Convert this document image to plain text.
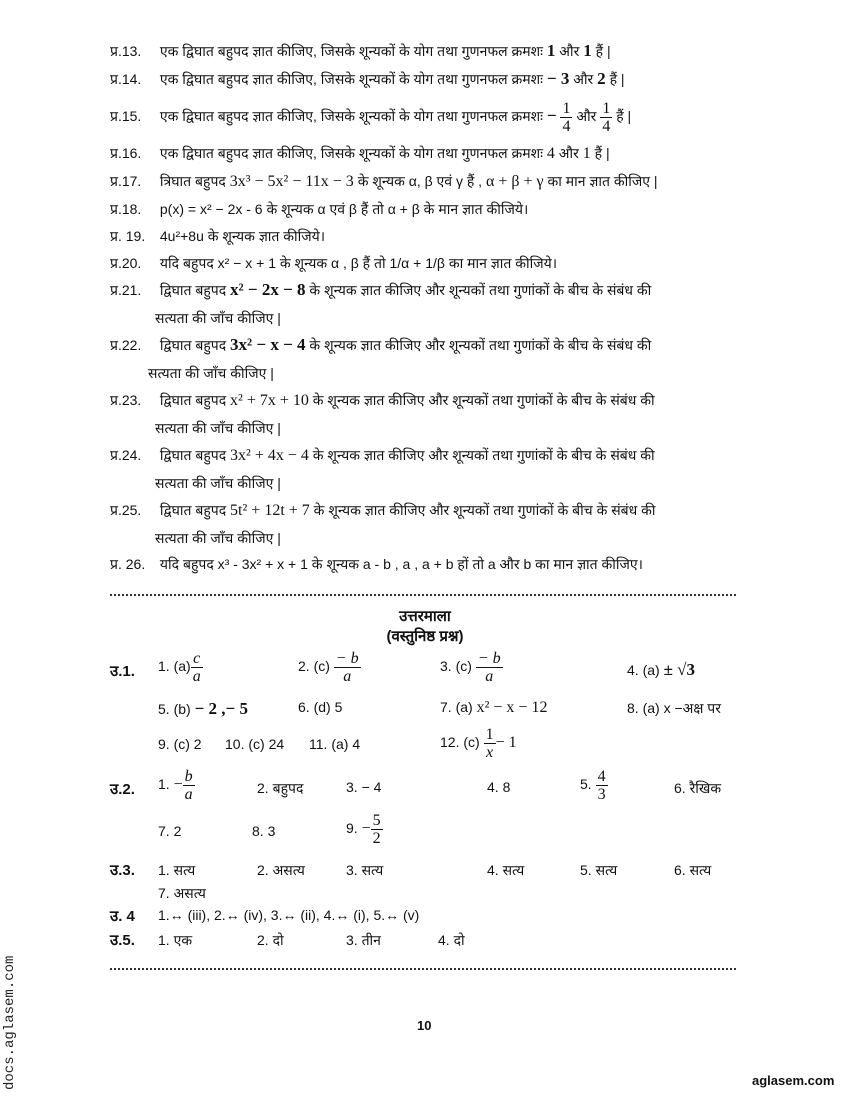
प्र.13. एक द्विघात बहुपद ज्ञात कीजिए, जिसके शून्यकों के योग तथा गुणनफल क्रमशः 1 और 1 हैं |
प्र.14. एक द्विघात बहुपद ज्ञात कीजिए, जिसके शून्यकों के योग तथा गुणनफल क्रमशः − 3 और 2 हैं |
प्र.15. एक द्विघात बहुपद ज्ञात कीजिए, जिसके शून्यकों के योग तथा गुणनफल क्रमशः − $\frac{1}{4}$ और $\frac{1}{4}$ हैं |
प्र.16. एक द्विघात बहुपद ज्ञात कीजिए, जिसके शून्यकों के योग तथा गुणनफल क्रमशः 4 और 1 हैं |
प्र.17. त्रिघात बहुपद 3x³ − 5x² − 11x − 3 के शून्यक α, β एवं γ हैं , α + β + γ का मान ज्ञात कीजिए |
प्र.18. p(x) = x² − 2x - 6 के शून्यक α एवं β हैं तो α + β के मान ज्ञात कीजिये।
प्र. 19. 4u²+8u के शून्यक ज्ञात कीजिये।
प्र.20. यदि बहुपद x² − x + 1 के शून्यक α , β हैं तो 1/α + 1/β का मान ज्ञात कीजिये।
प्र.21. द्विघात बहुपद x² − 2x − 8 के शून्यक ज्ञात कीजिए और शून्यकों तथा गुणांकों के बीच के संबंध की
सत्यता की जाँच कीजिए |
प्र.22. द्विघात बहुपद 3x² − x − 4 के शून्यक ज्ञात कीजिए और शून्यकों तथा गुणांकों के बीच के संबंध की
सत्यता की जाँच कीजिए |
प्र.23. द्विघात बहुपद x² + 7x + 10 के शून्यक ज्ञात कीजिए और शून्यकों तथा गुणांकों के बीच के संबंध की
सत्यता की जाँच कीजिए |
प्र.24. द्विघात बहुपद 3x² + 4x − 4 के शून्यक ज्ञात कीजिए और शून्यकों तथा गुणांकों के बीच के संबंध की
सत्यता की जाँच कीजिए |
प्र.25. द्विघात बहुपद 5t² + 12t + 7 के शून्यक ज्ञात कीजिए और शून्यकों तथा गुणांकों के बीच के संबंध की
सत्यता की जाँच कीजिए |
प्र. 26. यदि बहुपद x³ - 3x² + x + 1 के शून्यक a - b , a , a + b हों तो a और b का मान ज्ञात कीजिए।
उत्तरमाला
(वस्तुनिष्ठ प्रश्न)
उ.1. 1. $(a) \frac{c}{a}$	2. $(c) \frac{- b}{a}$	3. $(c) \frac{- b}{a}$	4. (a) ± √3
5. (b) − 2 ,− 5	6. (d) 5	7. (a) x² − x − 12	8. (a) x −अक्ष पर
9. (c) 2 10. (c) 24 11. (a) 4	12. $(c) \frac{1}{x} - 1$
उ.2. 1. − $\frac{b}{a}$	2. बहुपद	3. − 4	4. 8	5. $\frac{4}{3}$	6. रैखिक
7. 2	8. 3	9. − $\frac{5}{2}$
उ.3. 1. सत्य	2. असत्य	3. सत्य	4. सत्य	5. सत्य	6. सत्य
7. असत्य
उ. 4 1.↔ (iii), 2.↔ (iv), 3.↔ (ii), 4.↔ (i), 5.↔ (v)
उ.5. 1. एक	2. दो	3. तीन	4. दो
10
aglasem.com
docs.aglasem.com
